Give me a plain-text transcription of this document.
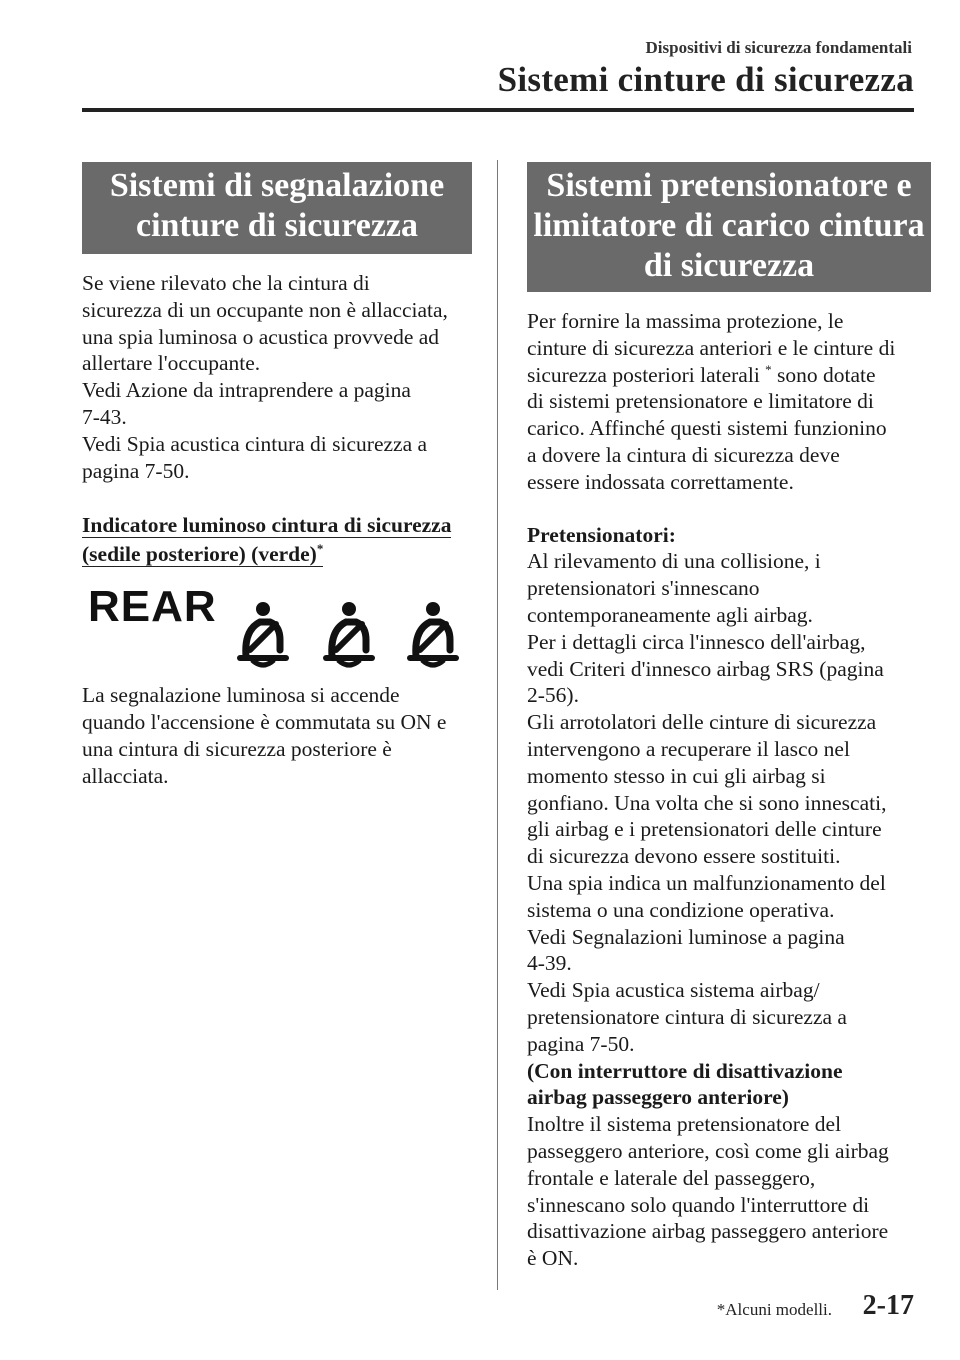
Dispositivi di sicurezza fondamentali
Sistemi cinture di sicurezza
Sistemi di segnalazione
cinture di sicurezza

Se viene rilevato che la cintura di
sicurezza di un occupante non è allacciata,
una spia luminosa o acustica provvede ad
allertare l'occupante.
Vedi Azione da intraprendere a pagina
7-43.
Vedi Spia acustica cintura di sicurezza a
pagina 7-50.

Indicatore luminoso cintura di sicurezza
(sedile posteriore) (verde)*
REAR

La segnalazione luminosa si accende
quando l'accensione è commutata su ON e
una cintura di sicurezza posteriore è
allacciata.

Sistemi pretensionatore e
limitatore di carico cintura
di sicurezza

Per fornire la massima protezione, le
cinture di sicurezza anteriori e le cinture di
sicurezza posteriori laterali * sono dotate
di sistemi pretensionatore e limitatore di
carico. Affinché questi sistemi funzionino
a dovere la cintura di sicurezza deve
essere indossata correttamente.

Pretensionatori:

Al rilevamento di una collisione, i
pretensionatori s'innescano
contemporaneamente agli airbag.
Per i dettagli circa l'innesco dell'airbag,
vedi Criteri d'innesco airbag SRS (pagina
2-56).
Gli arrotolatori delle cinture di sicurezza
intervengono a recuperare il lasco nel
momento stesso in cui gli airbag si
gonfiano. Una volta che si sono innescati,
gli airbag e i pretensionatori delle cinture
di sicurezza devono essere sostituiti.
Una spia indica un malfunzionamento del
sistema o una condizione operativa.
Vedi Segnalazioni luminose a pagina
4-39.
Vedi Spia acustica sistema airbag/
pretensionatore cintura di sicurezza a
pagina 7-50.

(Con interruttore di disattivazione
airbag passeggero anteriore)

Inoltre il sistema pretensionatore del
passeggero anteriore, così come gli airbag
frontale e laterale del passeggero,
s'innescano solo quando l'interruttore di
disattivazione airbag passeggero anteriore
è ON.

*Alcuni modelli. 2-17
